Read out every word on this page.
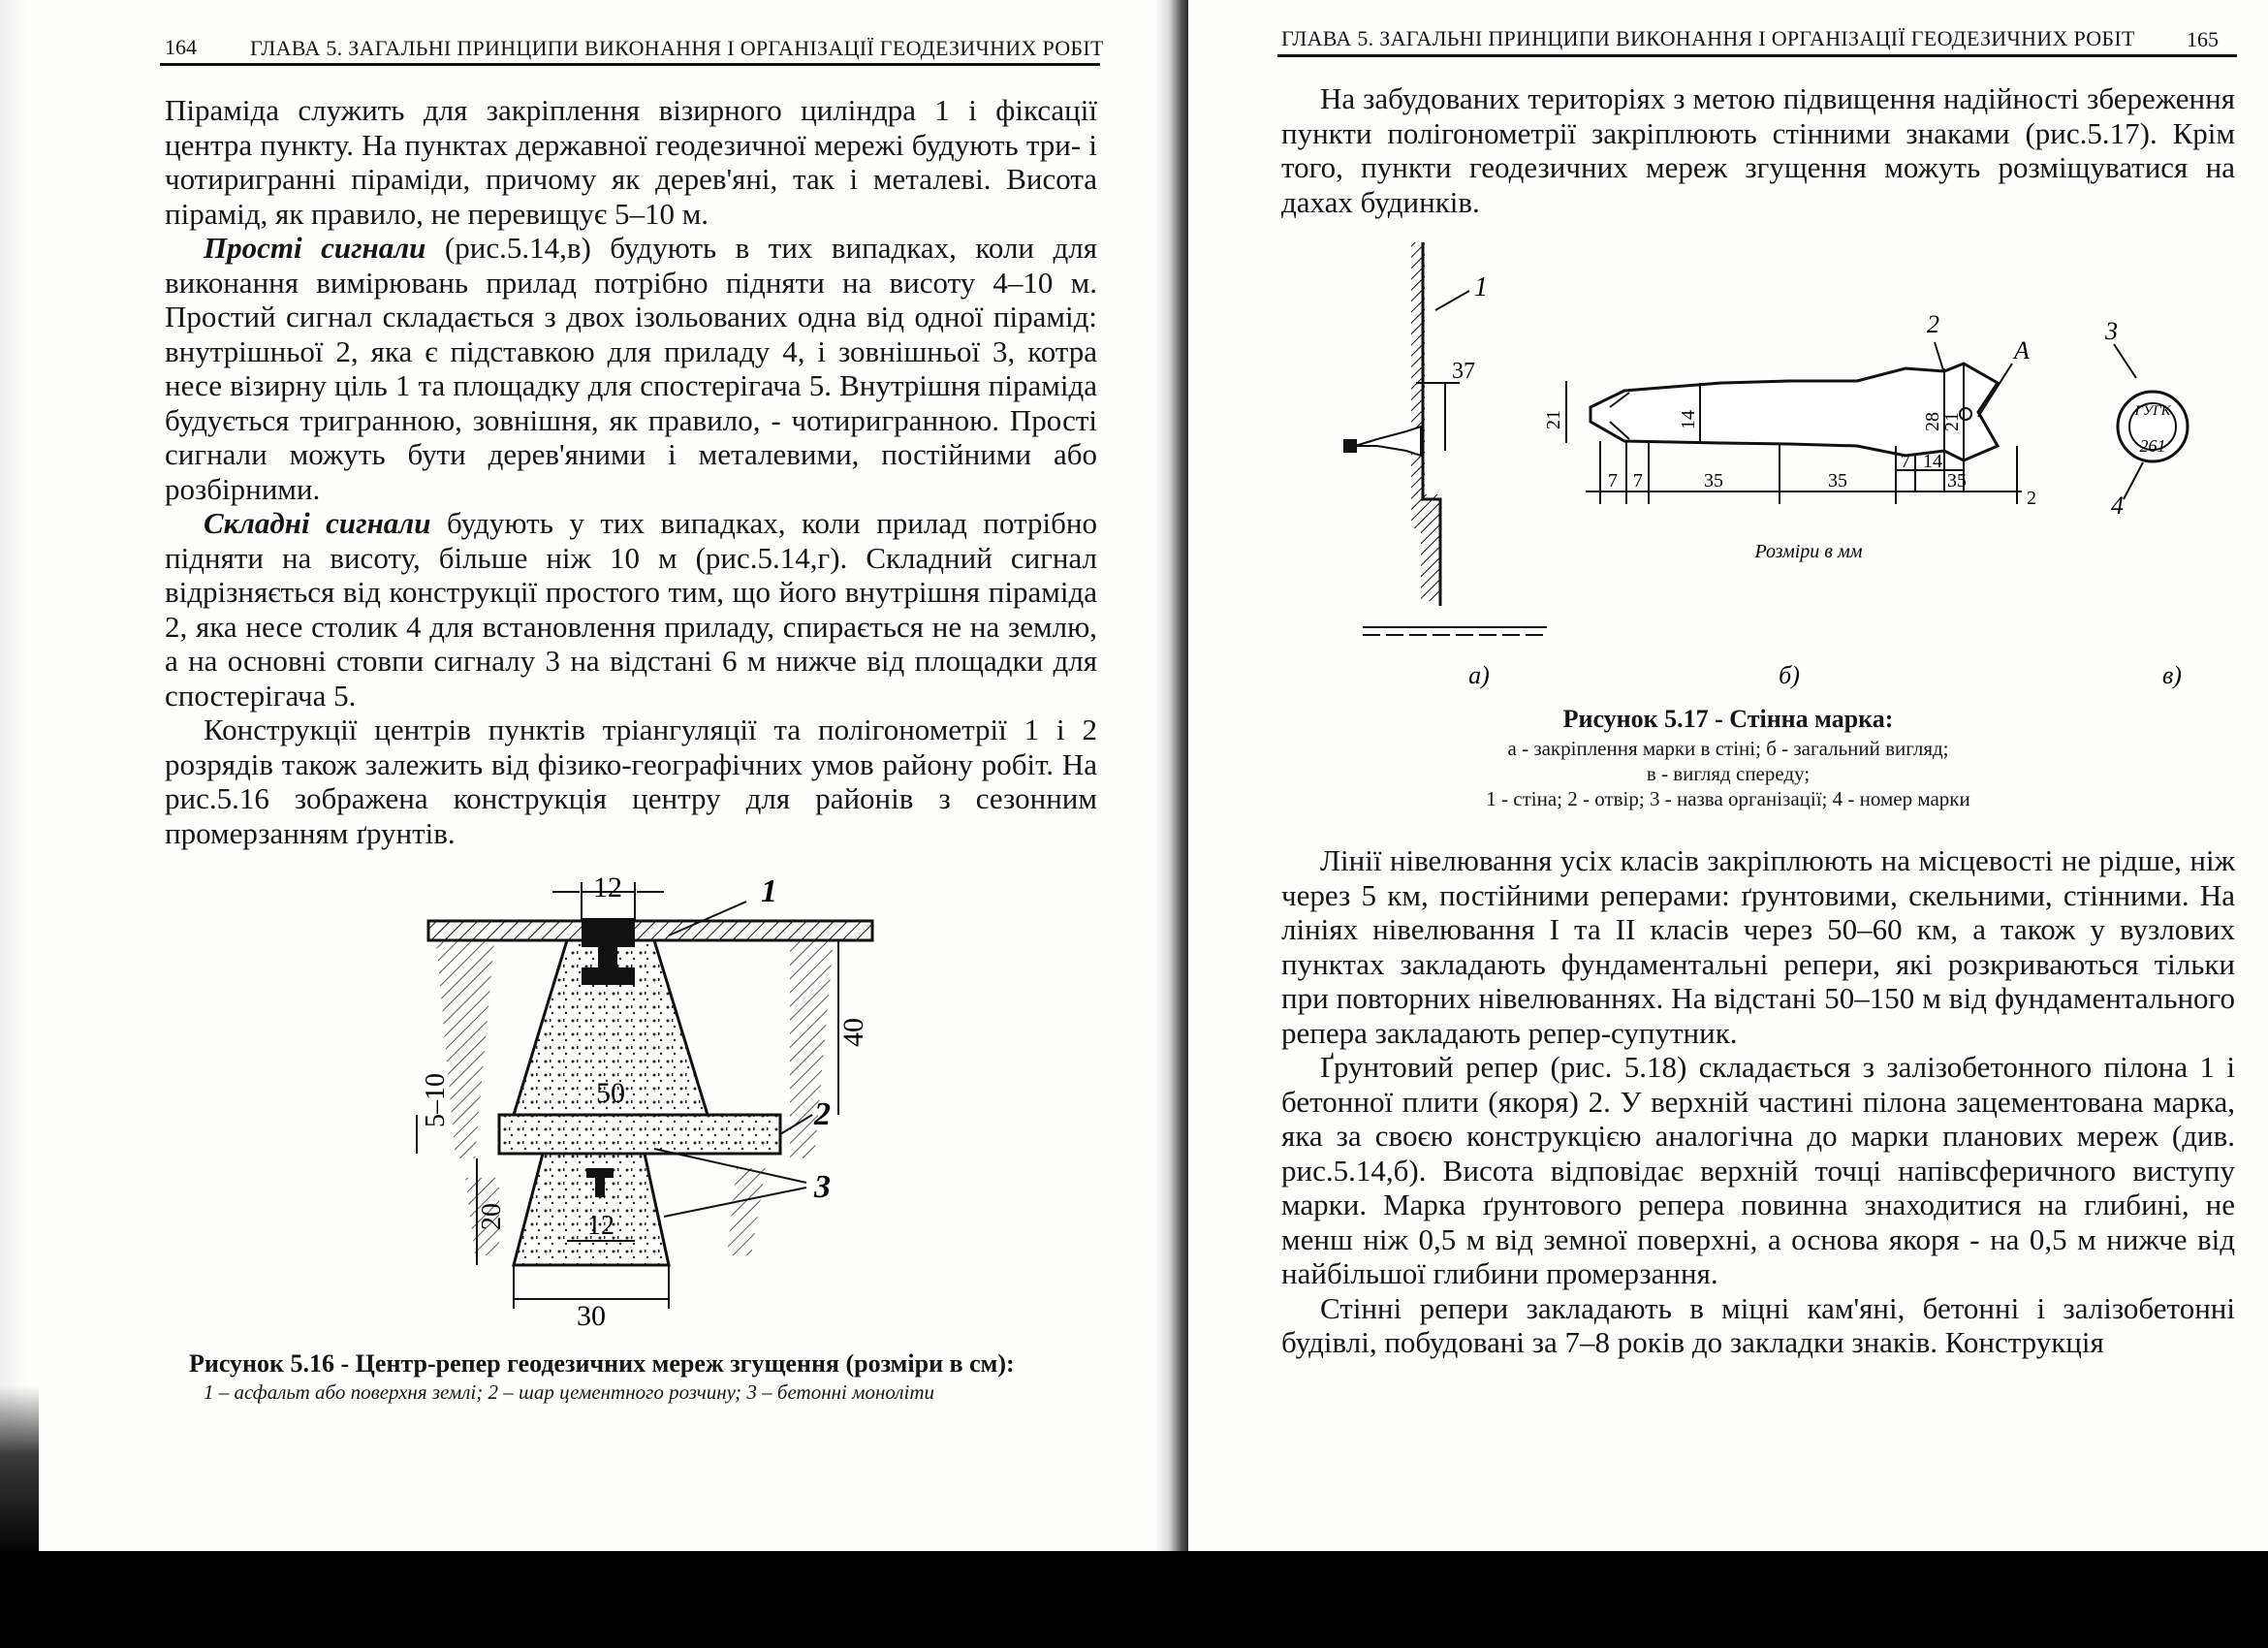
164	ГЛАВА 5. ЗАГАЛЬНІ ПРИНЦИПИ ВИКОНАННЯ І ОРГАНІЗАЦІЇ ГЕОДЕЗИЧНИХ РОБІТ

Піраміда служить для закріплення візирного циліндра 1 і фіксації центра пункту. На пунктах державної геодезичної мережі будують три- і чотиригранні піраміди, причому як дерев'яні, так і металеві. Висота пірамід, як правило, не перевищує 5–10 м.

Прості сигнали (рис.5.14,в) будують в тих випадках, коли для виконання вимірювань прилад потрібно підняти на висоту 4–10 м. Простий сигнал складається з двох ізольованих одна від одної пірамід: внутрішньої 2, яка є підставкою для приладу 4, і зовнішньої 3, котра несе візирну ціль 1 та площадку для спостерігача 5. Внутрішня піраміда будується тригранною, зовнішня, як правило, - чотиригранною. Прості сигнали можуть бути дерев'яними і металевими, постійними або розбірними.

Складні сигнали будують у тих випадках, коли прилад потрібно підняти на висоту, більше ніж 10 м (рис.5.14,г). Складний сигнал відрізняється від конструкції простого тим, що його внутрішня піраміда 2, яка несе столик 4 для встановлення приладу, спирається не на землю, а на основні стовпи сигналу 3 на відстані 6 м нижче від площадки для спостерігача 5.

Конструкції центрів пунктів тріангуляції та полігонометрії 1 і 2 розрядів також залежить від фізико-географічних умов району робіт. На рис.5.16 зображена конструкція центру для районів з сезонним промерзанням ґрунтів.

12	1
2
3
50
40
5–10
20	12
30
Рисунок 5.16 - Центр-репер геодезичних мереж згущення (розміри в см):
1 – асфальт або поверхня землі; 2 – шар цементного розчину; 3 – бетонні моноліти
ГЛАВА 5. ЗАГАЛЬНІ ПРИНЦИПИ ВИКОНАННЯ І ОРГАНІЗАЦІЇ ГЕОДЕЗИЧНИХ РОБІТ 165

На забудованих територіях з метою підвищення надійності збереження пункти полігонометрії закріплюють стінними знаками (рис.5.17). Крім того, пункти геодезичних мереж згущення можуть розміщуватися на дахах будинків.

1
37
2
A
21	14	28
21
7 7	35	35
7 14
35
2
Розміри в мм
3
4
ГУГК
261
а)	б)	в)
Рисунок 5.17 - Стінна марка:
а - закріплення марки в стіні; б - загальний вигляд;
в - вигляд спереду;
1 - стіна; 2 - отвір; 3 - назва організації; 4 - номер марки

Лінії нівелювання усіх класів закріплюють на місцевості не рідше, ніж через 5 км, постійними реперами: ґрунтовими, скельними, стінними. На лініях нівелювання I та II класів через 50–60 км, а також у вузлових пунктах закладають фундаментальні репери, які розкриваються тільки при повторних нівелюваннях. На відстані 50–150 м від фундаментального репера закладають репер-супутник.

Ґрунтовий репер (рис. 5.18) складається з залізобетонного пілона 1 і бетонної плити (якоря) 2. У верхній частині пілона зацементована марка, яка за своєю конструкцією аналогічна до марки планових мереж (див. рис.5.14,б). Висота відповідає верхній точці напівсферичного виступу марки. Марка ґрунтового репера повинна знаходитися на глибині, не менш ніж 0,5 м від земної поверхні, а основа якоря - на 0,5 м нижче від найбільшої глибини промерзання.

Стінні репери закладають в міцні кам'яні, бетонні і залізобетонні будівлі, побудовані за 7–8 років до закладки знаків. Конструкція
